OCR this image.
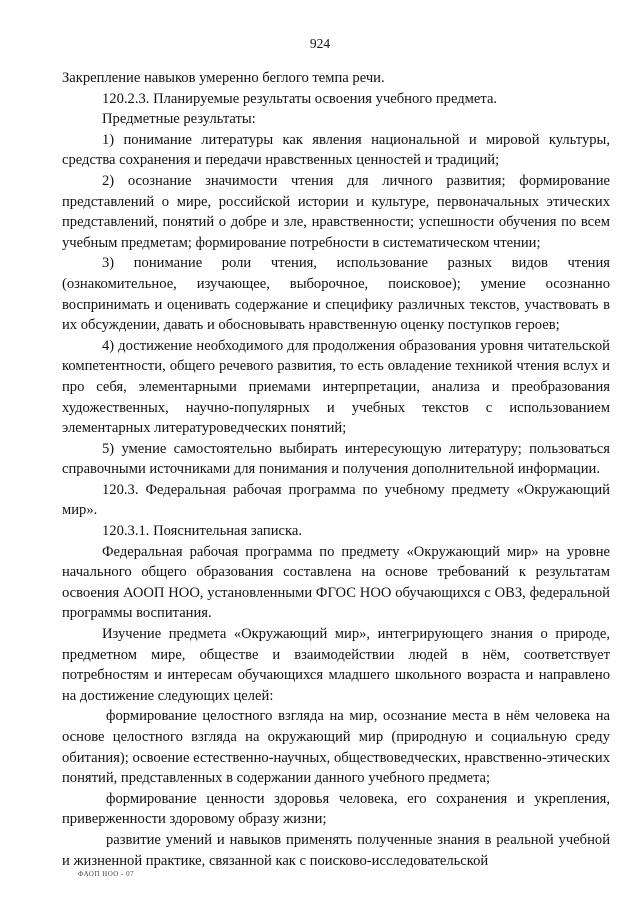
924

Закрепление навыков умеренно беглого темпа речи.

120.2.3. Планируемые результаты освоения учебного предмета.

Предметные результаты:

1) понимание литературы как явления национальной и мировой культуры, средства сохранения и передачи нравственных ценностей и традиций;

2) осознание значимости чтения для личного развития; формирование представлений о мире, российской истории и культуре, первоначальных этических представлений, понятий о добре и зле, нравственности; успешности обучения по всем учебным предметам; формирование потребности в систематическом чтении;

3) понимание роли чтения, использование разных видов чтения (ознакомительное, изучающее, выборочное, поисковое); умение осознанно воспринимать и оценивать содержание и специфику различных текстов, участвовать в их обсуждении, давать и обосновывать нравственную оценку поступков героев;

4) достижение необходимого для продолжения образования уровня читательской компетентности, общего речевого развития, то есть овладение техникой чтения вслух и про себя, элементарными приемами интерпретации, анализа и преобразования художественных, научно-популярных и учебных текстов с использованием элементарных литературоведческих понятий;

5) умение самостоятельно выбирать интересующую литературу; пользоваться справочными источниками для понимания и получения дополнительной информации.

120.3. Федеральная рабочая программа по учебному предмету «Окружающий мир».

120.3.1. Пояснительная записка.

Федеральная рабочая программа по предмету «Окружающий мир» на уровне начального общего образования составлена на основе требований к результатам освоения АООП НОО, установленными ФГОС НОО обучающихся с ОВЗ, федеральной программы воспитания.

Изучение предмета «Окружающий мир», интегрирующего знания о природе, предметном мире, обществе и взаимодействии людей в нём, соответствует потребностям и интересам обучающихся младшего школьного возраста и направлено на достижение следующих целей:

формирование целостного взгляда на мир, осознание места в нём человека на основе целостного взгляда на окружающий мир (природную и социальную среду обитания); освоение естественно-научных, обществоведческих, нравственно-этических понятий, представленных в содержании данного учебного предмета;

формирование ценности здоровья человека, его сохранения и укрепления, приверженности здоровому образу жизни;

развитие умений и навыков применять полученные знания в реальной учебной и жизненной практике, связанной как с поисково-исследовательской

ФАОП НОО - 07
